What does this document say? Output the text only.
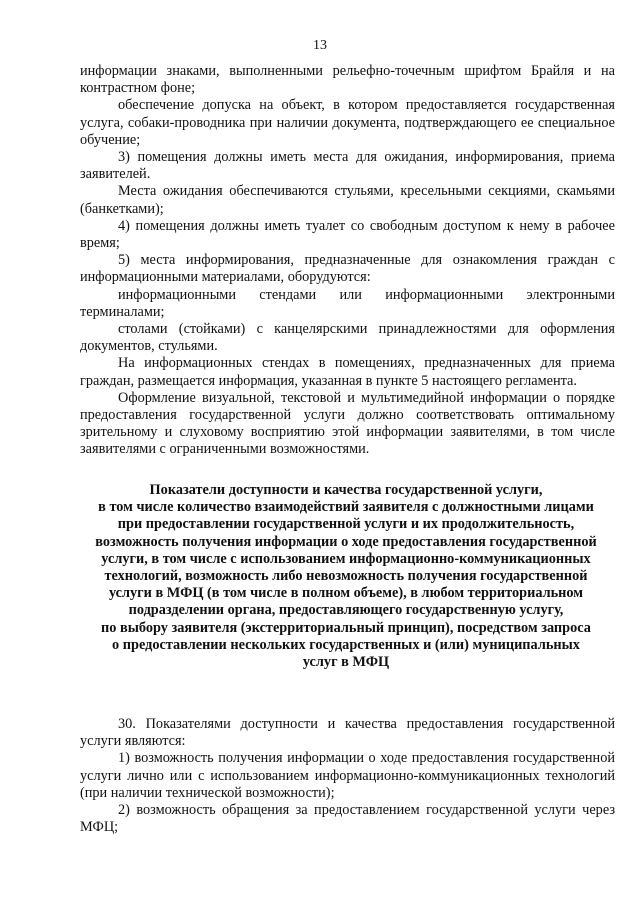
13

информации знаками, выполненными рельефно-точечным шрифтом Брайля и на контрастном фоне;

обеспечение допуска на объект, в котором предоставляется государственная услуга, собаки-проводника при наличии документа, подтверждающего ее специальное обучение;

3) помещения должны иметь места для ожидания, информирования, приема заявителей.

Места ожидания обеспечиваются стульями, кресельными секциями, скамьями (банкетками);

4) помещения должны иметь туалет со свободным доступом к нему в рабочее время;

5) места информирования, предназначенные для ознакомления граждан с информационными материалами, оборудуются:

информационными стендами или информационными электронными терминалами;

столами (стойками) с канцелярскими принадлежностями для оформления документов, стульями.

На информационных стендах в помещениях, предназначенных для приема граждан, размещается информация, указанная в пункте 5 настоящего регламента.

Оформление визуальной, текстовой и мультимедийной информации о порядке предоставления государственной услуги должно соответствовать оптимальному зрительному и слуховому восприятию этой информации заявителями, в том числе заявителями с ограниченными возможностями.

Показатели доступности и качества государственной услуги,
в том числе количество взаимодействий заявителя с должностными лицами
при предоставлении государственной услуги и их продолжительность,
возможность получения информации о ходе предоставления государственной
услуги, в том числе с использованием информационно-коммуникационных
технологий, возможность либо невозможность получения государственной
услуги в МФЦ (в том числе в полном объеме), в любом территориальном
подразделении органа, предоставляющего государственную услугу,
по выбору заявителя (экстерриториальный принцип), посредством запроса
о предоставлении нескольких государственных и (или) муниципальных
услуг в МФЦ

30. Показателями доступности и качества предоставления государственной услуги являются:

1) возможность получения информации о ходе предоставления государственной услуги лично или с использованием информационно-коммуникационных технологий (при наличии технической возможности);

2) возможность обращения за предоставлением государственной услуги через МФЦ;
